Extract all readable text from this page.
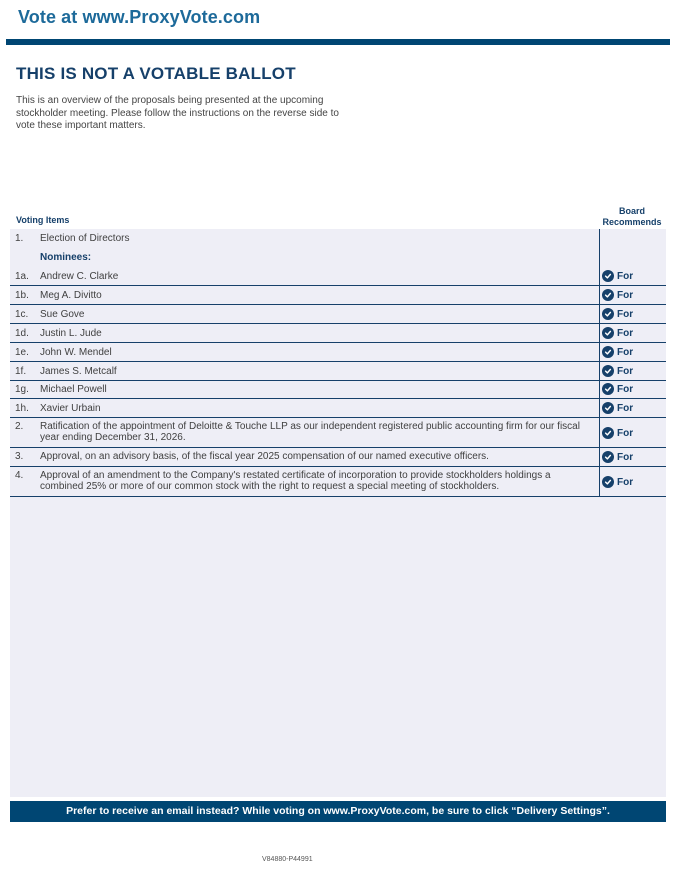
Vote at www.ProxyVote.com
THIS IS NOT A VOTABLE BALLOT
This is an overview of the proposals being presented at the upcoming stockholder meeting. Please follow the instructions on the reverse side to vote these important matters.
Voting Items
Board
Recommends
1. Election of Directors
Nominees:
1a. Andrew C. Clarke	For
1b. Meg A. Divitto	For
1c. Sue Gove	For
1d. Justin L. Jude	For
1e. John W. Mendel	For
1f. James S. Metcalf	For
1g. Michael Powell	For
1h. Xavier Urbain	For
2. Ratification of the appointment of Deloitte & Touche LLP as our independent registered public accounting firm for our fiscal year ending December 31, 2026.	For
3. Approval, on an advisory basis, of the fiscal year 2025 compensation of our named executive officers.	For
4. Approval of an amendment to the Company's restated certificate of incorporation to provide stockholders holdings a combined 25% or more of our common stock with the right to request a special meeting of stockholders.	For
Prefer to receive an email instead? While voting on www.ProxyVote.com, be sure to click “Delivery Settings”.
V84880-P44991
